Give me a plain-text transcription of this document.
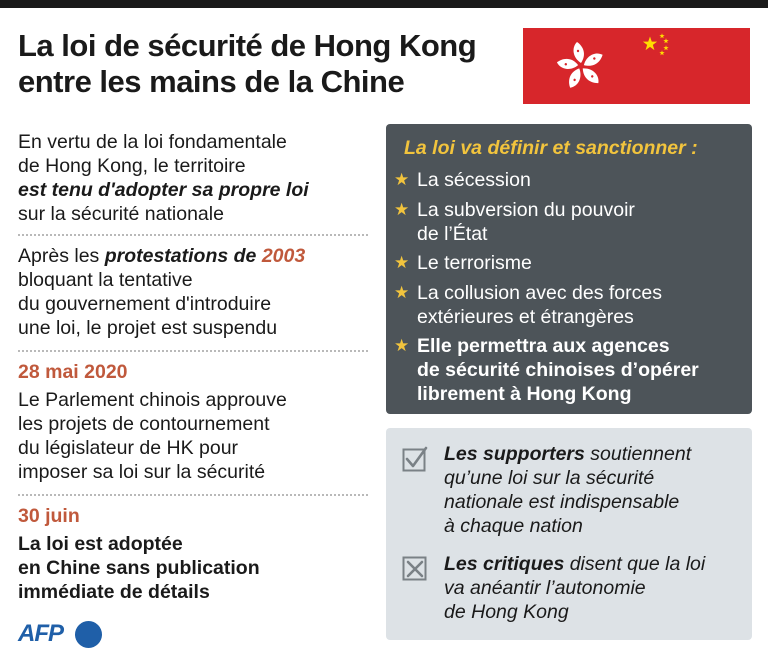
La loi de sécurité de Hong Kong
entre les mains de la Chine
En vertu de la loi fondamentale
de Hong Kong, le territoire
est tenu d'adopter sa propre loi
sur la sécurité nationale
Après les protestations de 2003
bloquant la tentative
du gouvernement d'introduire
une loi, le projet est suspendu
28 mai 2020
Le Parlement chinois approuve
les projets de contournement
du législateur de HK pour
imposer sa loi sur la sécurité
30 juin
La loi est adoptée
en Chine sans publication
immédiate de détails
La loi va définir et sanctionner :
★ La sécession
★ La subversion du pouvoir
de l’État
★ Le terrorisme
★ La collusion avec des forces
extérieures et étrangères
★ Elle permettra aux agences
de sécurité chinoises d’opérer
librement à Hong Kong
Les supporters soutiennent
qu’une loi sur la sécurité
nationale est indispensable
à chaque nation
Les critiques disent que la loi
va anéantir l’autonomie
de Hong Kong
AFP
